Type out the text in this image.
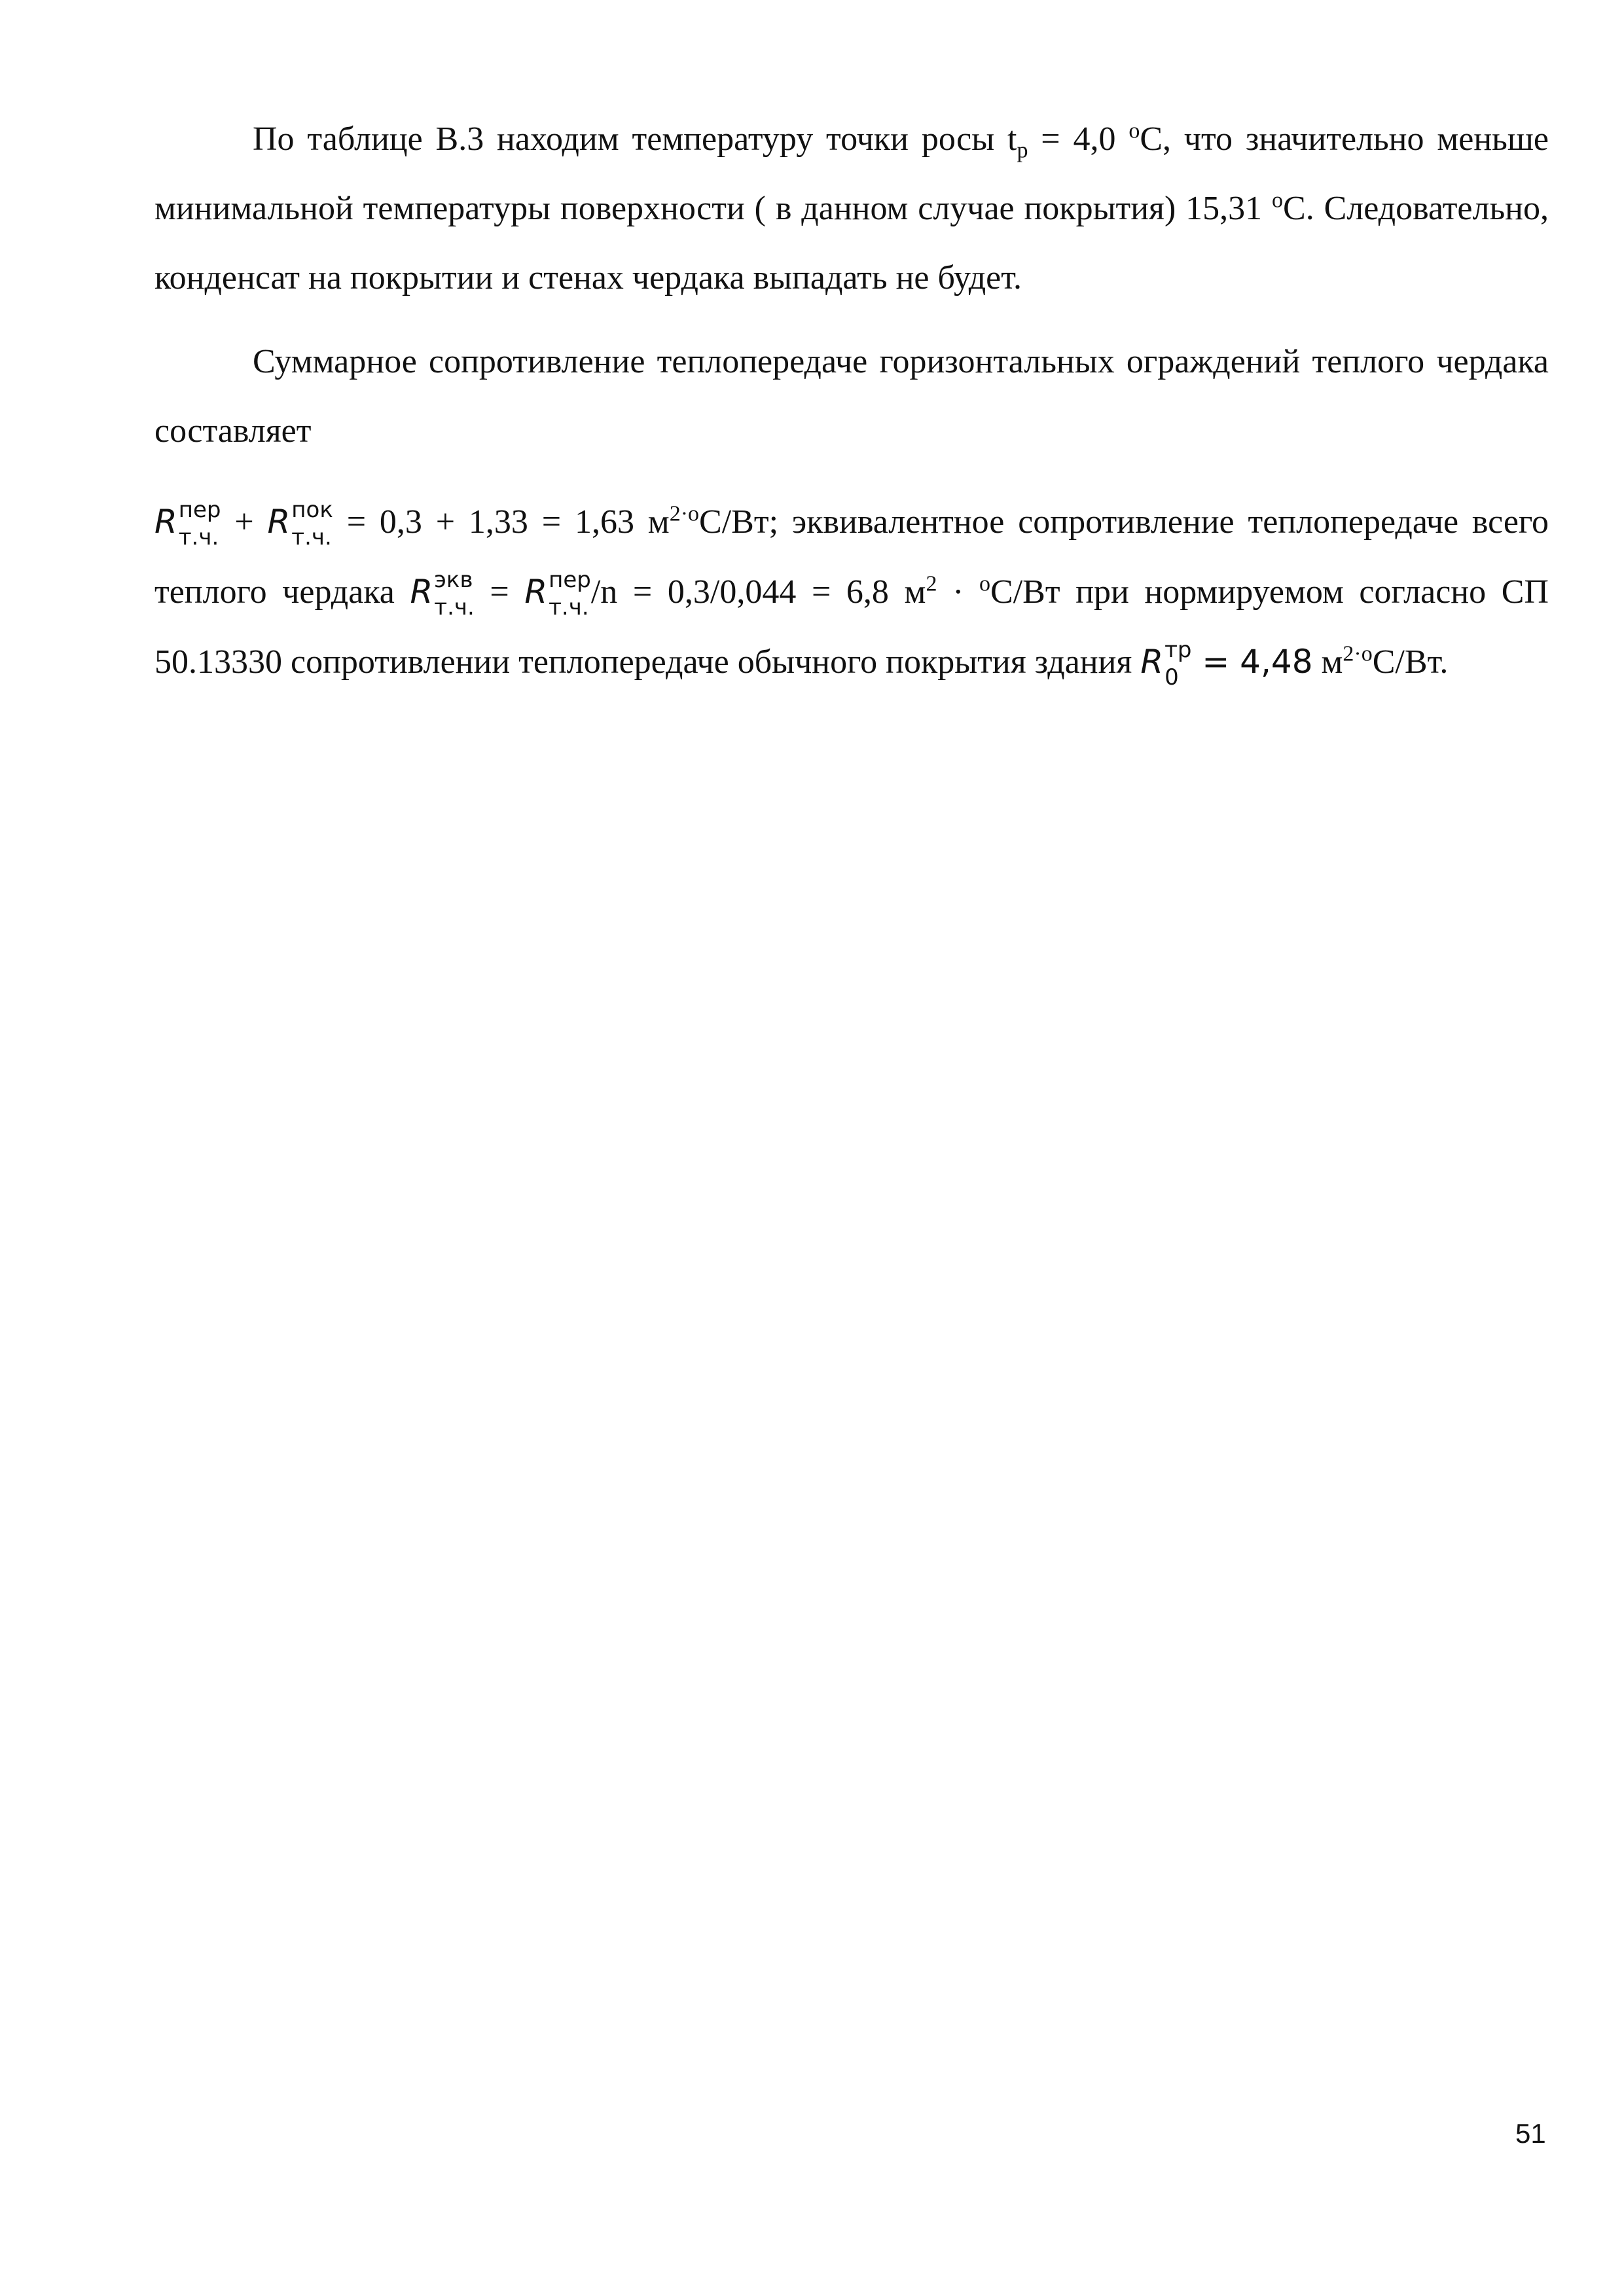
По таблице В.3 находим температуру точки росы $t_р = 4,0$ $^o$С, что значительно меньше минимальной температуры поверхности ( в данном случае покрытия) 15,31 $^o$С. Следовательно, конденсат на покрытии и стенах чердака выпадать не будет.

Суммарное сопротивление теплопередаче горизонтальных ограждений теплого чердака составляет

R пер
т.ч. + R пок
т.ч. = 0,3 + 1,33 = 1,63 $м^{2\cdot o}С/Вт$; эквивалентное сопротивление теплопередаче всего теплого чердака R экв
т.ч. = R пер
т.ч. /n = 0,3/0,044 = 6,8 $м^2 \cdot ^oС/Вт$ при нормируемом согласно СП 50.13330 сопротивлении теплопередаче обычного покрытия здания R тр
0 = 4,48 $м^{2\cdot o}С/Вт$.

51
